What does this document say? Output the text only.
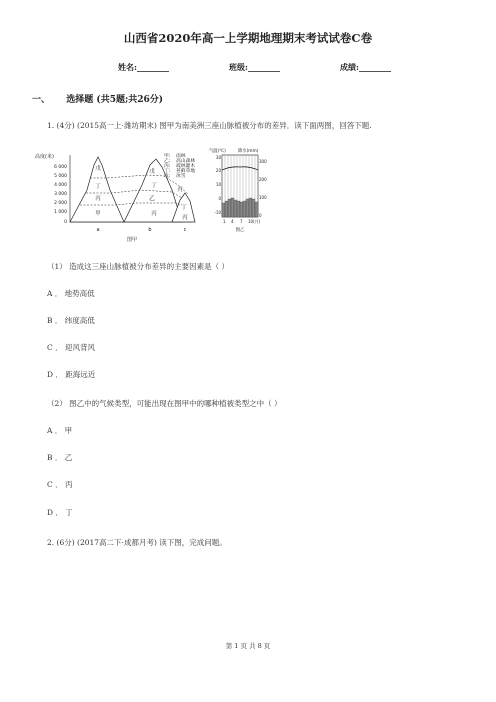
山西省2020年高一上学期地理期末考试试卷C卷
姓名:________	班级:________	成绩:________
一、 选择题 (共5题;共26分)
1. (4分) (2015高一上·潍坊期末) 图甲为南美洲三座山脉植被分布的差异．读下面两图，回答下题.
高度(米)
6 000
5 000
4 000
3 000
2 000
1 000
0
戊	戊
丁
丁
丙	乙
甲	丙
丙
丁
丙
a	b	c
图甲
甲: 雨林
乙: 高山森林
丙: 疏林灌木
丁: 苔藓草地
戊: 冰雪
气温(℃)	降水(mm)
30
20
10
0
-10
300
200
100
0
1 4 7 10(月)
图乙
（1） 造成这三座山脉植被分布差异的主要因素是（ ）
A ． 地势高低
B ． 纬度高低
C ． 迎风背风
D ． 距海远近
（2） 图乙中的气候类型，可能出现在图甲中的哪种植被类型之中（ ）
A ． 甲
B ． 乙
C ． 丙
D ． 丁
2. (6分) (2017高二下·成都月考) 读下图，完成问题。
第 1 页 共 8 页
